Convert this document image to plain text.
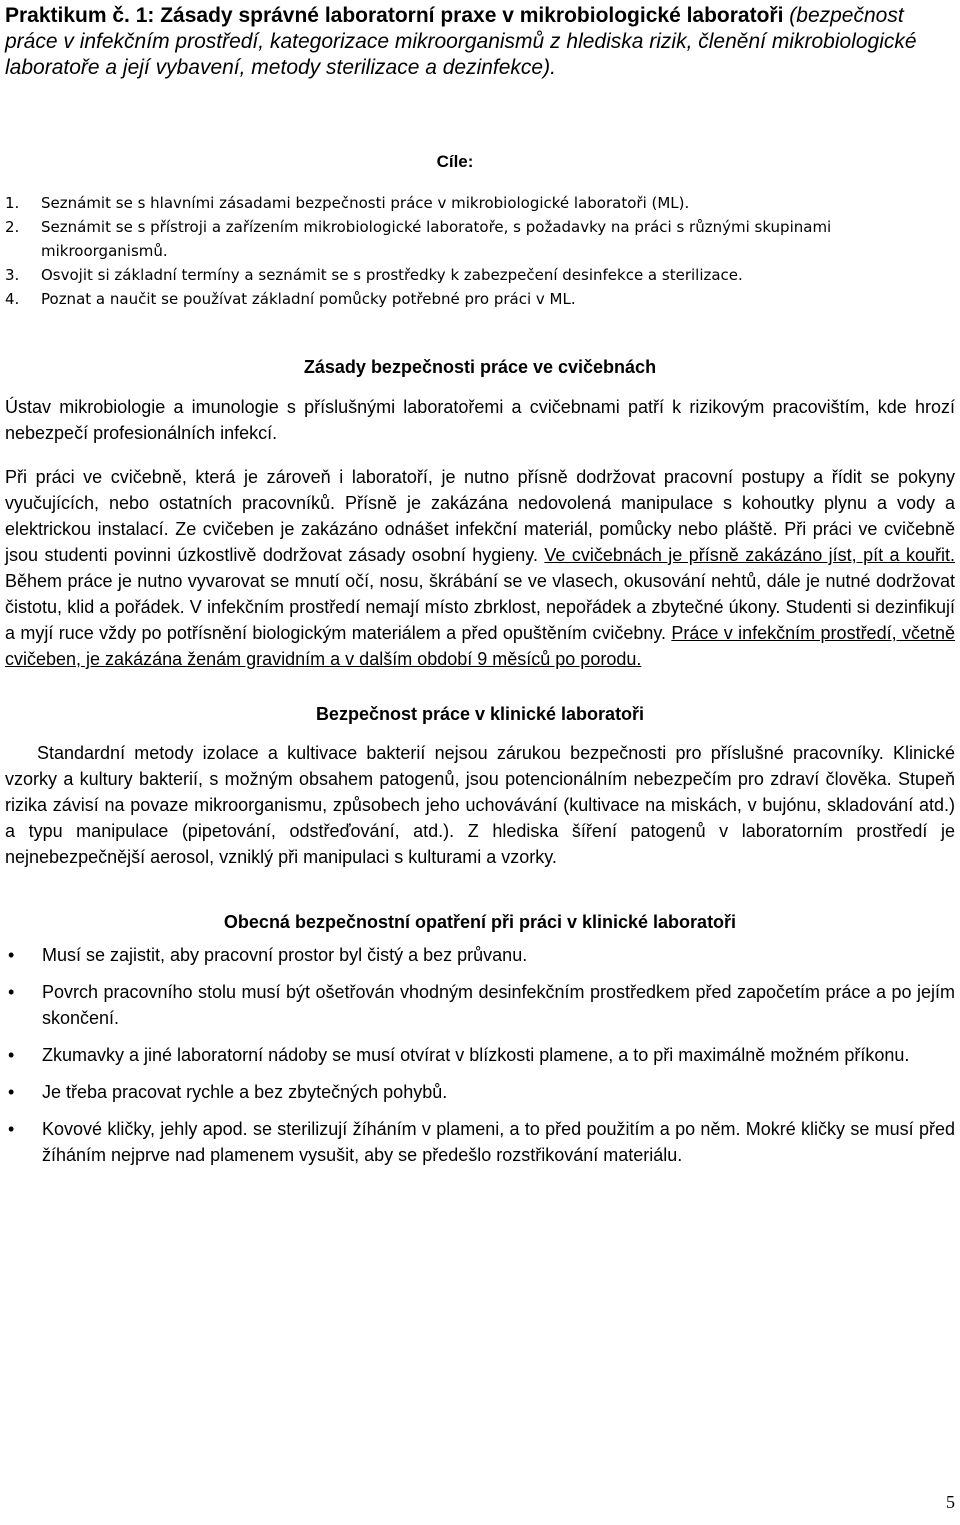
Praktikum č. 1: Zásady správné laboratorní praxe v mikrobiologické laboratoři (bezpečnost práce v infekčním prostředí, kategorizace mikroorganismů z hlediska rizik, členění mikrobiologické laboratoře a její vybavení, metody sterilizace a dezinfekce).
Cíle:
1. Seznámit se s hlavními zásadami bezpečnosti práce v mikrobiologické laboratoři (ML).
2. Seznámit se s přístroji a zařízením mikrobiologické laboratoře, s požadavky na práci s různými skupinami mikroorganismů.
3. Osvojit si základní termíny a seznámit se s prostředky k zabezpečení desinfekce a sterilizace.
4. Poznat a naučit se používat základní pomůcky potřebné pro práci v ML.
Zásady bezpečnosti práce ve cvičebnách

Ústav mikrobiologie a imunologie s příslušnými laboratořemi a cvičebnami patří k rizikovým pracovištím, kde hrozí nebezpečí profesionálních infekcí.

Při práci ve cvičebně, která je zároveň i laboratoří, je nutno přísně dodržovat pracovní postupy a řídit se pokyny vyučujících, nebo ostatních pracovníků. Přísně je zakázána nedovolená manipulace s kohoutky plynu a vody a elektrickou instalací. Ze cvičeben je zakázáno odnášet infekční materiál, pomůcky nebo pláště. Při práci ve cvičebně jsou studenti povinni úzkostlivě dodržovat zásady osobní hygieny. Ve cvičebnách je přísně zakázáno jíst, pít a kouřit. Během práce je nutno vyvarovat se mnutí očí, nosu, škrábání se ve vlasech, okusování nehtů, dále je nutné dodržovat čistotu, klid a pořádek. V infekčním prostředí nemají místo zbrklost, nepořádek a zbytečné úkony. Studenti si dezinfikují a myjí ruce vždy po potřísnění biologickým materiálem a před opuštěním cvičebny. Práce v infekčním prostředí, včetně cvičeben, je zakázána ženám gravidním a v dalším období 9 měsíců po porodu.

Bezpečnost práce v klinické laboratoři

Standardní metody izolace a kultivace bakterií nejsou zárukou bezpečnosti pro příslušné pracovníky. Klinické vzorky a kultury bakterií, s možným obsahem patogenů, jsou potencionálním nebezpečím pro zdraví člověka. Stupeň rizika závisí na povaze mikroorganismu, způsobech jeho uchovávání (kultivace na miskách, v bujónu, skladování atd.) a typu manipulace (pipetování, odstřeďování, atd.). Z hlediska šíření patogenů v laboratorním prostředí je nejnebezpečnější aerosol, vzniklý při manipulaci s kulturami a vzorky.

Obecná bezpečnostní opatření při práci v klinické laboratoři
• Musí se zajistit, aby pracovní prostor byl čistý a bez průvanu.
• Povrch pracovního stolu musí být ošetřován vhodným desinfekčním prostředkem před započetím práce a po jejím skončení.
• Zkumavky a jiné laboratorní nádoby se musí otvírat v blízkosti plamene, a to při maximálně možném příkonu.
• Je třeba pracovat rychle a bez zbytečných pohybů.
• Kovové kličky, jehly apod. se sterilizují žíháním v plameni, a to před použitím a po něm. Mokré kličky se musí před žíháním nejprve nad plamenem vysušit, aby se předešlo rozstřikování materiálu.
5
